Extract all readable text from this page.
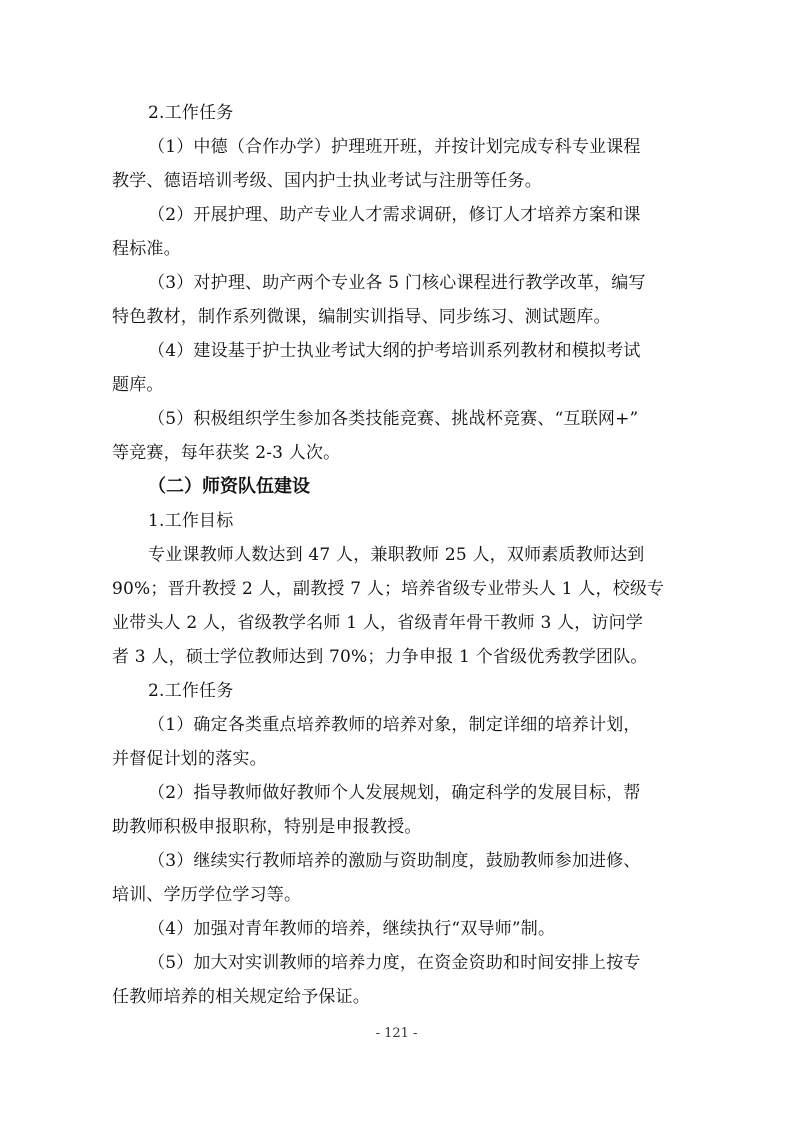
2.工作任务
（1）中德（合作办学）护理班开班，并按计划完成专科专业课程
教学、德语培训考级、国内护士执业考试与注册等任务。
（2）开展护理、助产专业人才需求调研，修订人才培养方案和课
程标准。
（3）对护理、助产两个专业各 5 门核心课程进行教学改革，编写
特色教材，制作系列微课，编制实训指导、同步练习、测试题库。
（4）建设基于护士执业考试大纲的护考培训系列教材和模拟考试
题库。
（5）积极组织学生参加各类技能竞赛、挑战杯竞赛、“互联网+”
等竞赛，每年获奖 2-3 人次。
（二）师资队伍建设
1.工作目标
专业课教师人数达到 47 人，兼职教师 25 人，双师素质教师达到
90%；晋升教授 2 人，副教授 7 人；培养省级专业带头人 1 人，校级专
业带头人 2 人，省级教学名师 1 人，省级青年骨干教师 3 人，访问学
者 3 人，硕士学位教师达到 70%；力争申报 1 个省级优秀教学团队。
2.工作任务
（1）确定各类重点培养教师的培养对象，制定详细的培养计划，
并督促计划的落实。
（2）指导教师做好教师个人发展规划，确定科学的发展目标，帮
助教师积极申报职称，特别是申报教授。
（3）继续实行教师培养的激励与资助制度，鼓励教师参加进修、
培训、学历学位学习等。
（4）加强对青年教师的培养，继续执行“双导师”制。
（5）加大对实训教师的培养力度，在资金资助和时间安排上按专
任教师培养的相关规定给予保证。
- 121 -
